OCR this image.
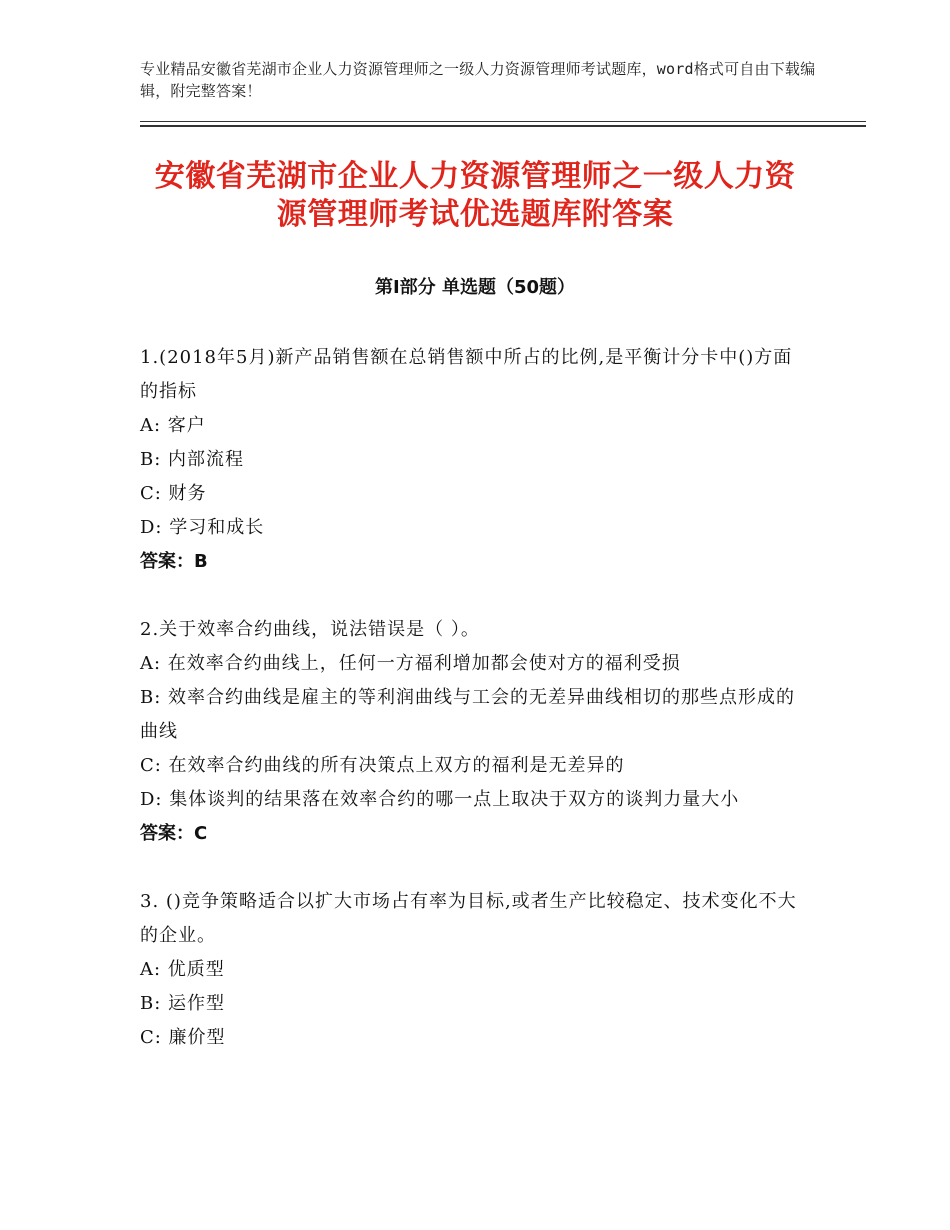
专业精品安徽省芜湖市企业人力资源管理师之一级人力资源管理师考试题库，word格式可自由下载编辑，附完整答案！
安徽省芜湖市企业人力资源管理师之一级人力资源管理师考试优选题库附答案
第Ⅰ部分 单选题（50题）

1.(2018年5月)新产品销售额在总销售额中所占的比例,是平衡计分卡中()方面的指标

A: 客户

B: 内部流程

C: 财务

D: 学习和成长

答案：B

2.关于效率合约曲线，说法错误是（ ）。

A: 在效率合约曲线上，任何一方福利增加都会使对方的福利受损

B: 效率合约曲线是雇主的等利润曲线与工会的无差异曲线相切的那些点形成的曲线

C: 在效率合约曲线的所有决策点上双方的福利是无差异的

D: 集体谈判的结果落在效率合约的哪一点上取决于双方的谈判力量大小

答案：C

3. ()竞争策略适合以扩大市场占有率为目标,或者生产比较稳定、技术变化不大的企业。

A: 优质型

B: 运作型

C: 廉价型
